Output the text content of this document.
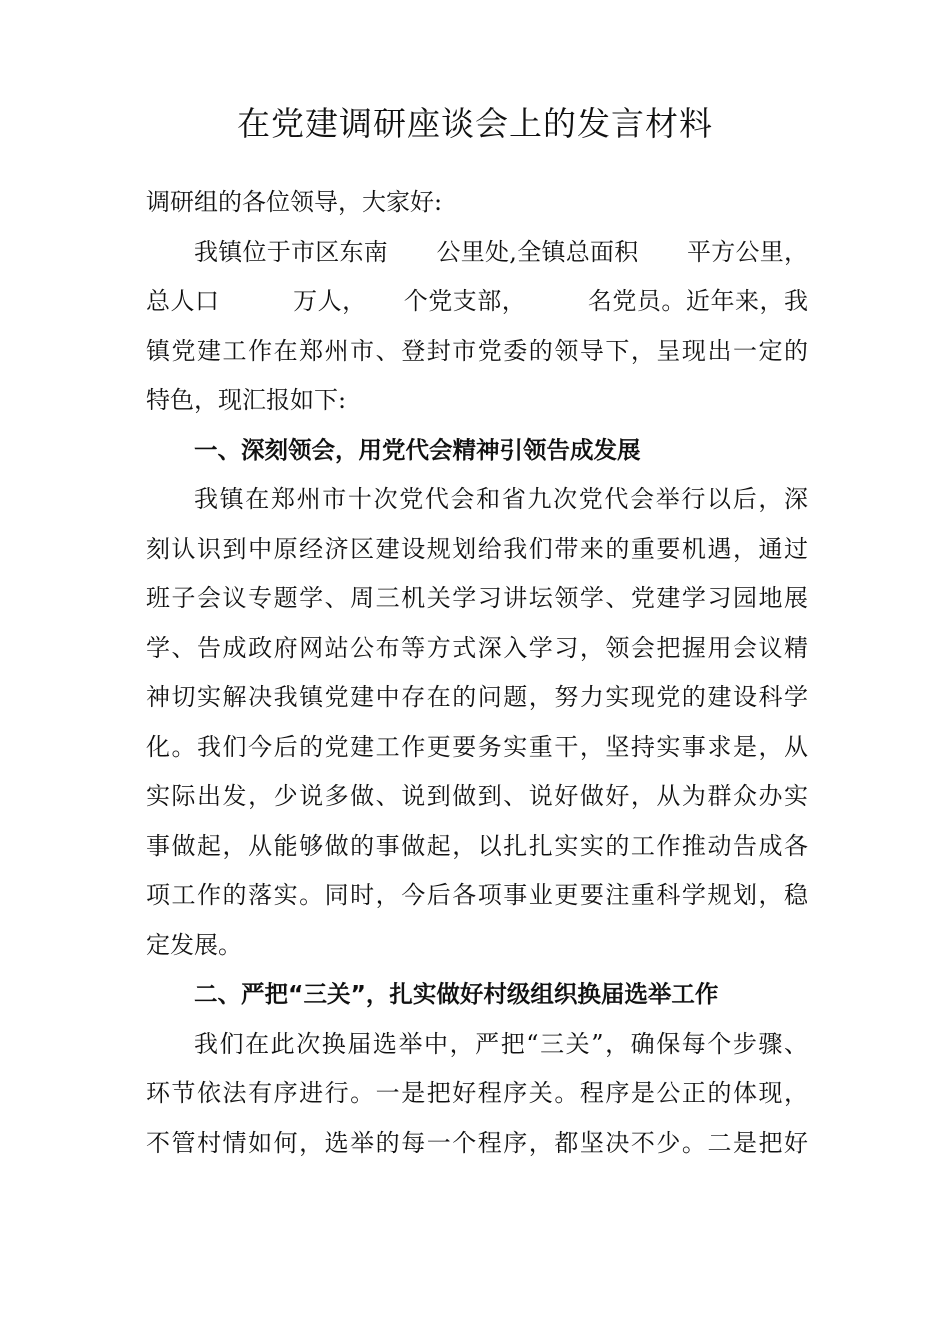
在党建调研座谈会上的发言材料
调研组的各位领导，大家好:
我镇位于市区东南　　公里处,全镇总面积　　平方公里，
总人口　　　万人，　　个党支部，　　　名党员。近年来，我
镇党建工作在郑州市、登封市党委的领导下，呈现出一定的
特色，现汇报如下:
一、深刻领会，用党代会精神引领告成发展
我镇在郑州市十次党代会和省九次党代会举行以后，深
刻认识到中原经济区建设规划给我们带来的重要机遇，通过
班子会议专题学、周三机关学习讲坛领学、党建学习园地展
学、告成政府网站公布等方式深入学习，领会把握用会议精
神切实解决我镇党建中存在的问题，努力实现党的建设科学
化。我们今后的党建工作更要务实重干，坚持实事求是，从
实际出发，少说多做、说到做到、说好做好，从为群众办实
事做起，从能够做的事做起，以扎扎实实的工作推动告成各
项工作的落实。同时，今后各项事业更要注重科学规划，稳
定发展。
二、严把“三关”，扎实做好村级组织换届选举工作
我们在此次换届选举中，严把“三关”，确保每个步骤、
环节依法有序进行。一是把好程序关。程序是公正的体现，
不管村情如何，选举的每一个程序，都坚决不少。二是把好
